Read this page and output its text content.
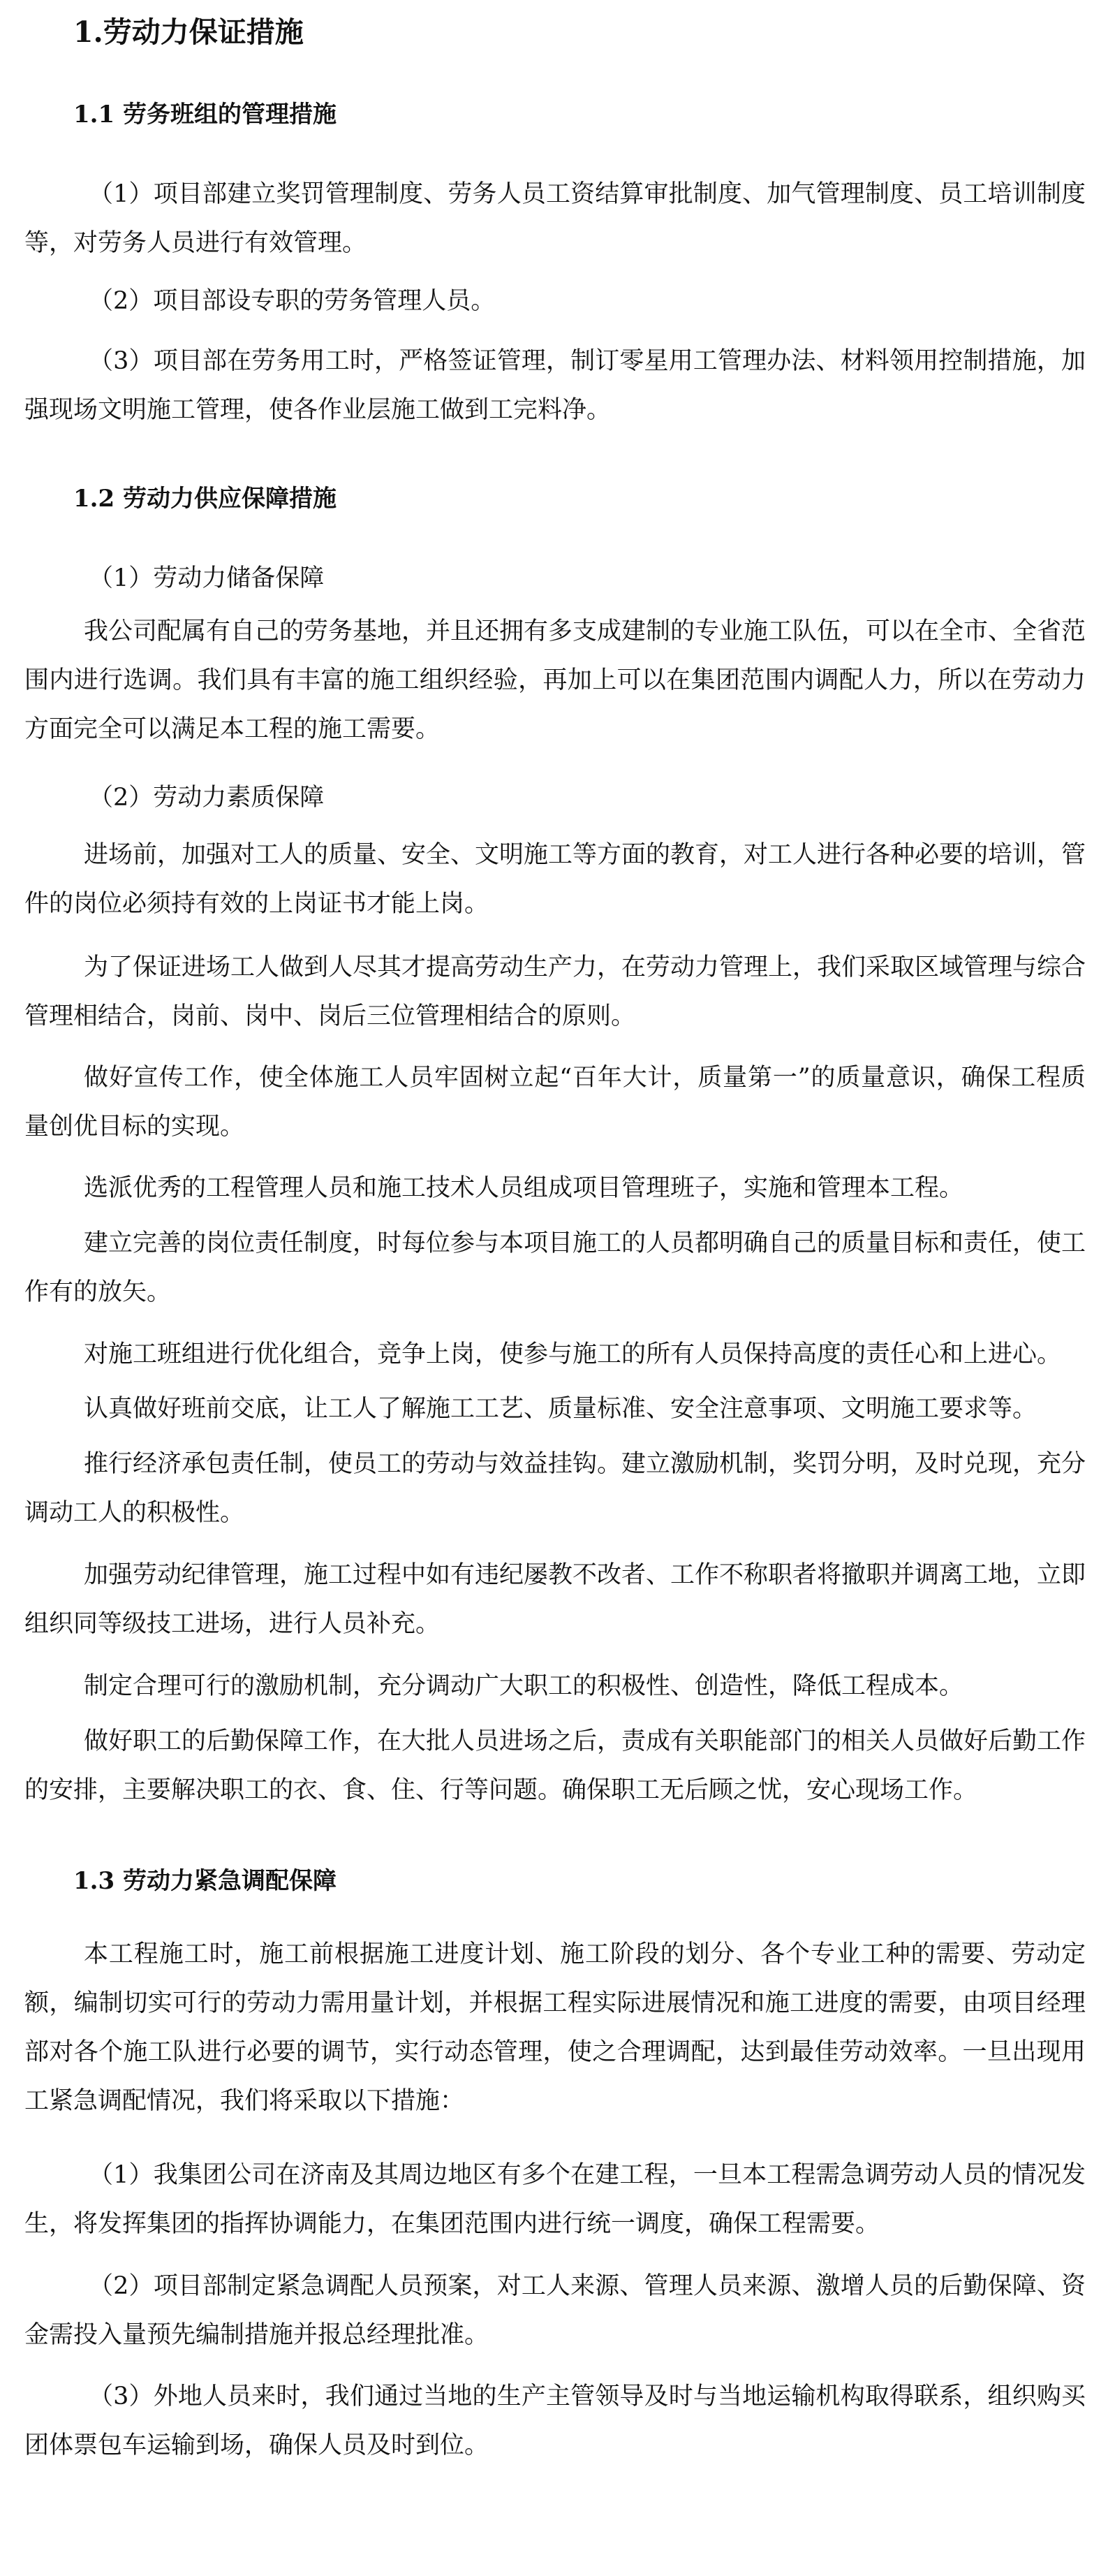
1.劳动力保证措施
1.1 劳务班组的管理措施

（1）项目部建立奖罚管理制度、劳务人员工资结算审批制度、加气管理制度、员工培训制度等，对劳务人员进行有效管理。

（2）项目部设专职的劳务管理人员。

（3）项目部在劳务用工时，严格签证管理，制订零星用工管理办法、材料领用控制措施，加强现场文明施工管理，使各作业层施工做到工完料净。

1.2 劳动力供应保障措施

（1）劳动力储备保障

我公司配属有自己的劳务基地，并且还拥有多支成建制的专业施工队伍，可以在全市、全省范围内进行选调。我们具有丰富的施工组织经验，再加上可以在集团范围内调配人力，所以在劳动力方面完全可以满足本工程的施工需要。

（2）劳动力素质保障

进场前，加强对工人的质量、安全、文明施工等方面的教育，对工人进行各种必要的培训，管件的岗位必须持有效的上岗证书才能上岗。

为了保证进场工人做到人尽其才提高劳动生产力，在劳动力管理上，我们采取区域管理与综合管理相结合，岗前、岗中、岗后三位管理相结合的原则。

做好宣传工作，使全体施工人员牢固树立起“百年大计，质量第一”的质量意识，确保工程质量创优目标的实现。

选派优秀的工程管理人员和施工技术人员组成项目管理班子，实施和管理本工程。

建立完善的岗位责任制度，时每位参与本项目施工的人员都明确自己的质量目标和责任，使工作有的放矢。

对施工班组进行优化组合，竞争上岗，使参与施工的所有人员保持高度的责任心和上进心。

认真做好班前交底，让工人了解施工工艺、质量标准、安全注意事项、文明施工要求等。

推行经济承包责任制，使员工的劳动与效益挂钩。建立激励机制，奖罚分明，及时兑现，充分调动工人的积极性。

加强劳动纪律管理，施工过程中如有违纪屡教不改者、工作不称职者将撤职并调离工地，立即组织同等级技工进场，进行人员补充。

制定合理可行的激励机制，充分调动广大职工的积极性、创造性，降低工程成本。

做好职工的后勤保障工作，在大批人员进场之后，责成有关职能部门的相关人员做好后勤工作的安排，主要解决职工的衣、食、住、行等问题。确保职工无后顾之忧，安心现场工作。

1.3 劳动力紧急调配保障

本工程施工时，施工前根据施工进度计划、施工阶段的划分、各个专业工种的需要、劳动定额，编制切实可行的劳动力需用量计划，并根据工程实际进展情况和施工进度的需要，由项目经理部对各个施工队进行必要的调节，实行动态管理，使之合理调配，达到最佳劳动效率。一旦出现用工紧急调配情况，我们将采取以下措施：

（1）我集团公司在济南及其周边地区有多个在建工程，一旦本工程需急调劳动人员的情况发生，将发挥集团的指挥协调能力，在集团范围内进行统一调度，确保工程需要。

（2）项目部制定紧急调配人员预案，对工人来源、管理人员来源、激增人员的后勤保障、资金需投入量预先编制措施并报总经理批准。

（3）外地人员来时，我们通过当地的生产主管领导及时与当地运输机构取得联系，组织购买团体票包车运输到场，确保人员及时到位。
